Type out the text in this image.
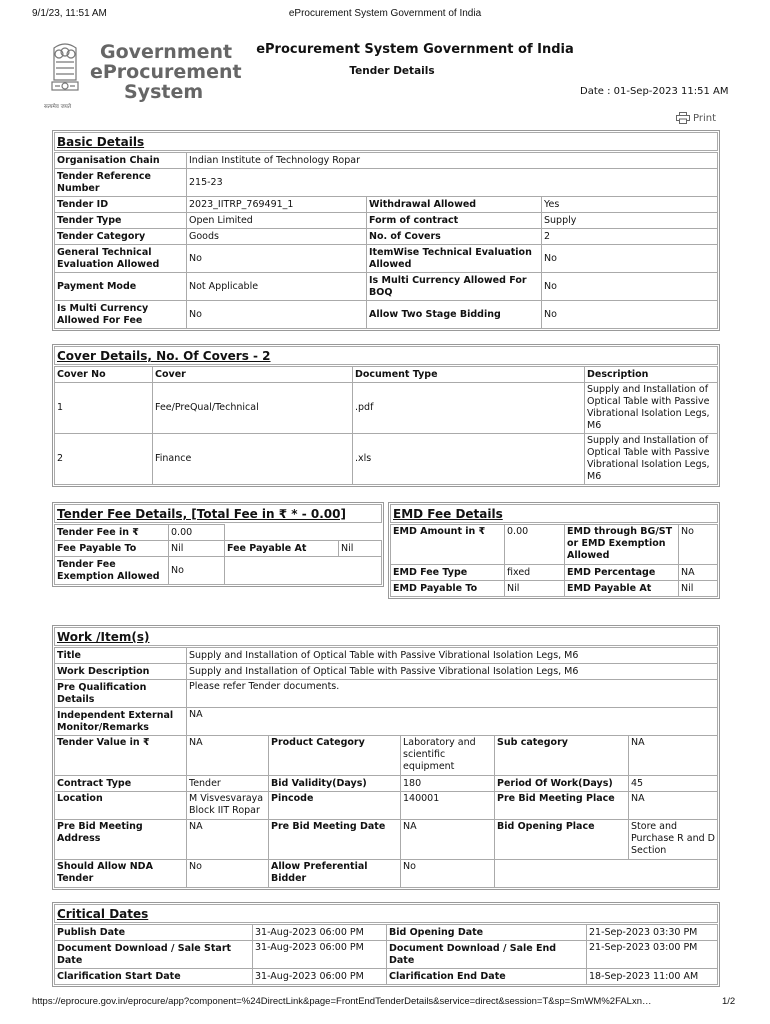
9/1/23, 11:51 AM	eProcurement System Government of India
सत्यमेव जयते
Government
eProcurement
System
eProcurement System Government of India
Tender Details
Date : 01-Sep-2023 11:51 AM
Print
Basic Details
Organisation Chain	Indian Institute of Technology Ropar		
Tender Reference Number	215-23		
Tender ID	2023_IITRP_769491_1	Withdrawal Allowed	Yes
Tender Type	Open Limited	Form of contract	Supply
Tender Category	Goods	No. of Covers	2
General Technical Evaluation Allowed	No	ItemWise Technical Evaluation Allowed	No
Payment Mode	Not Applicable	Is Multi Currency Allowed For BOQ	No
Is Multi Currency Allowed For Fee	No	Allow Two Stage Bidding	No
Cover Details, No. Of Covers - 2
Cover No	Cover	Document Type	Description
1	Fee/PreQual/Technical	.pdf	Supply and Installation of Optical Table with Passive Vibrational Isolation Legs, M6
2	Finance	.xls	Supply and Installation of Optical Table with Passive Vibrational Isolation Legs, M6
Tender Fee Details, [Total Fee in ₹ * - 0.00]
Tender Fee in ₹	0.00		
Fee Payable To	Nil	Fee Payable At	Nil
Tender Fee Exemption Allowed	No		
EMD Fee Details
EMD Amount in ₹	0.00	EMD through BG/ST or EMD Exemption Allowed	No
EMD Fee Type	fixed	EMD Percentage	NA
EMD Payable To	Nil	EMD Payable At	Nil
Work /Item(s)
Title	Supply and Installation of Optical Table with Passive Vibrational Isolation Legs, M6				
Work Description	Supply and Installation of Optical Table with Passive Vibrational Isolation Legs, M6				
Pre Qualification Details	Please refer Tender documents.				
Independent External Monitor/Remarks	NA				
Tender Value in ₹	NA	Product Category	Laboratory and scientific equipment	Sub category	NA
Contract Type	Tender	Bid Validity(Days)	180	Period Of Work(Days)	45
Location	M Visvesvaraya Block IIT Ropar	Pincode	140001	Pre Bid Meeting Place	NA
Pre Bid Meeting Address	NA	Pre Bid Meeting Date	NA	Bid Opening Place	Store and Purchase R and D Section
Should Allow NDA Tender	No	Allow Preferential Bidder	No		
Critical Dates
Publish Date	31-Aug-2023 06:00 PM	Bid Opening Date	21-Sep-2023 03:30 PM
Document Download / Sale Start Date	31-Aug-2023 06:00 PM	Document Download / Sale End Date	21-Sep-2023 03:00 PM
Clarification Start Date	31-Aug-2023 06:00 PM	Clarification End Date	18-Sep-2023 11:00 AM
https://eprocure.gov.in/eprocure/app?component=%24DirectLink&page=FrontEndTenderDetails&service=direct&session=T&sp=SmWM%2FALxn…	1/2
